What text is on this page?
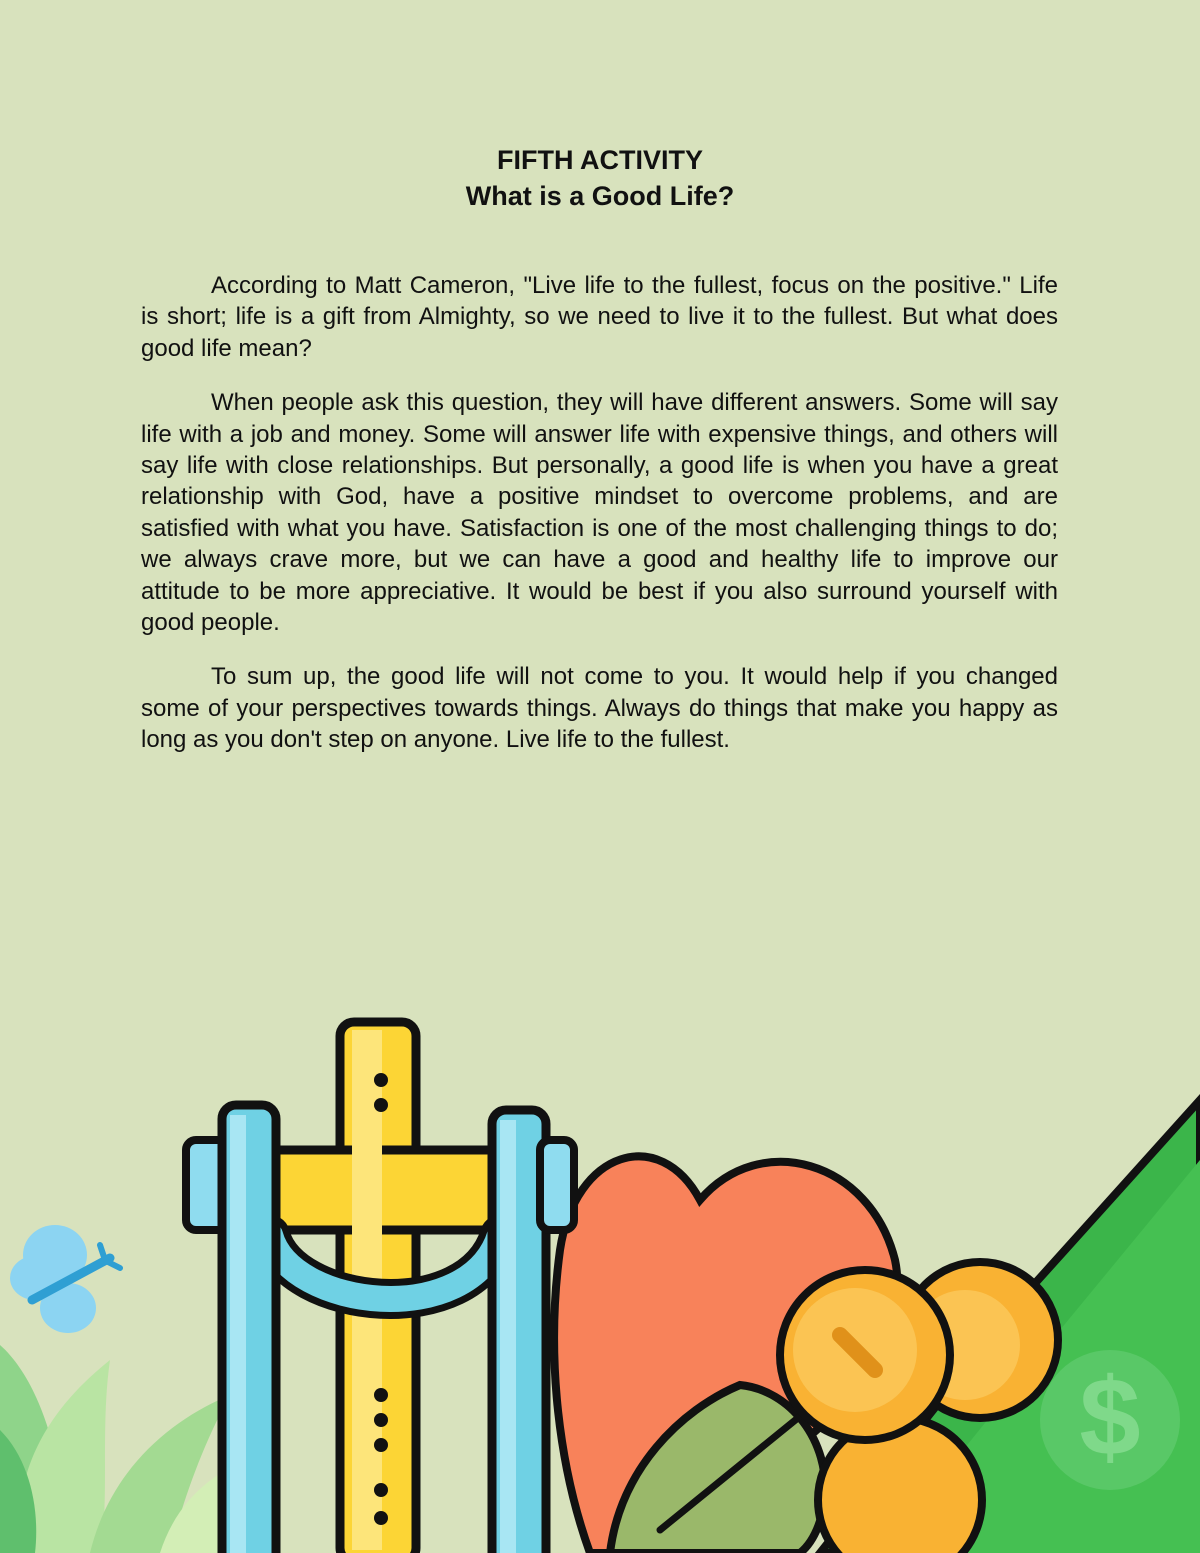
FIFTH ACTIVITY
What is a Good Life?

According to Matt Cameron, "Live life to the fullest, focus on the positive." Life is short; life is a gift from Almighty, so we need to live it to the fullest. But what does good life mean?

When people ask this question, they will have different answers. Some will say life with a job and money. Some will answer life with expensive things, and others will say life with close relationships. But personally, a good life is when you have a great relationship with God, have a positive mindset to overcome problems, and are satisfied with what you have. Satisfaction is one of the most challenging things to do; we always crave more, but we can have a good and healthy life to improve our attitude to be more appreciative. It would be best if you also surround yourself with good people.

To sum up, the good life will not come to you. It would help if you changed some of your perspectives towards things. Always do things that make you happy as long as you don't step on anyone. Live life to the fullest.

$
